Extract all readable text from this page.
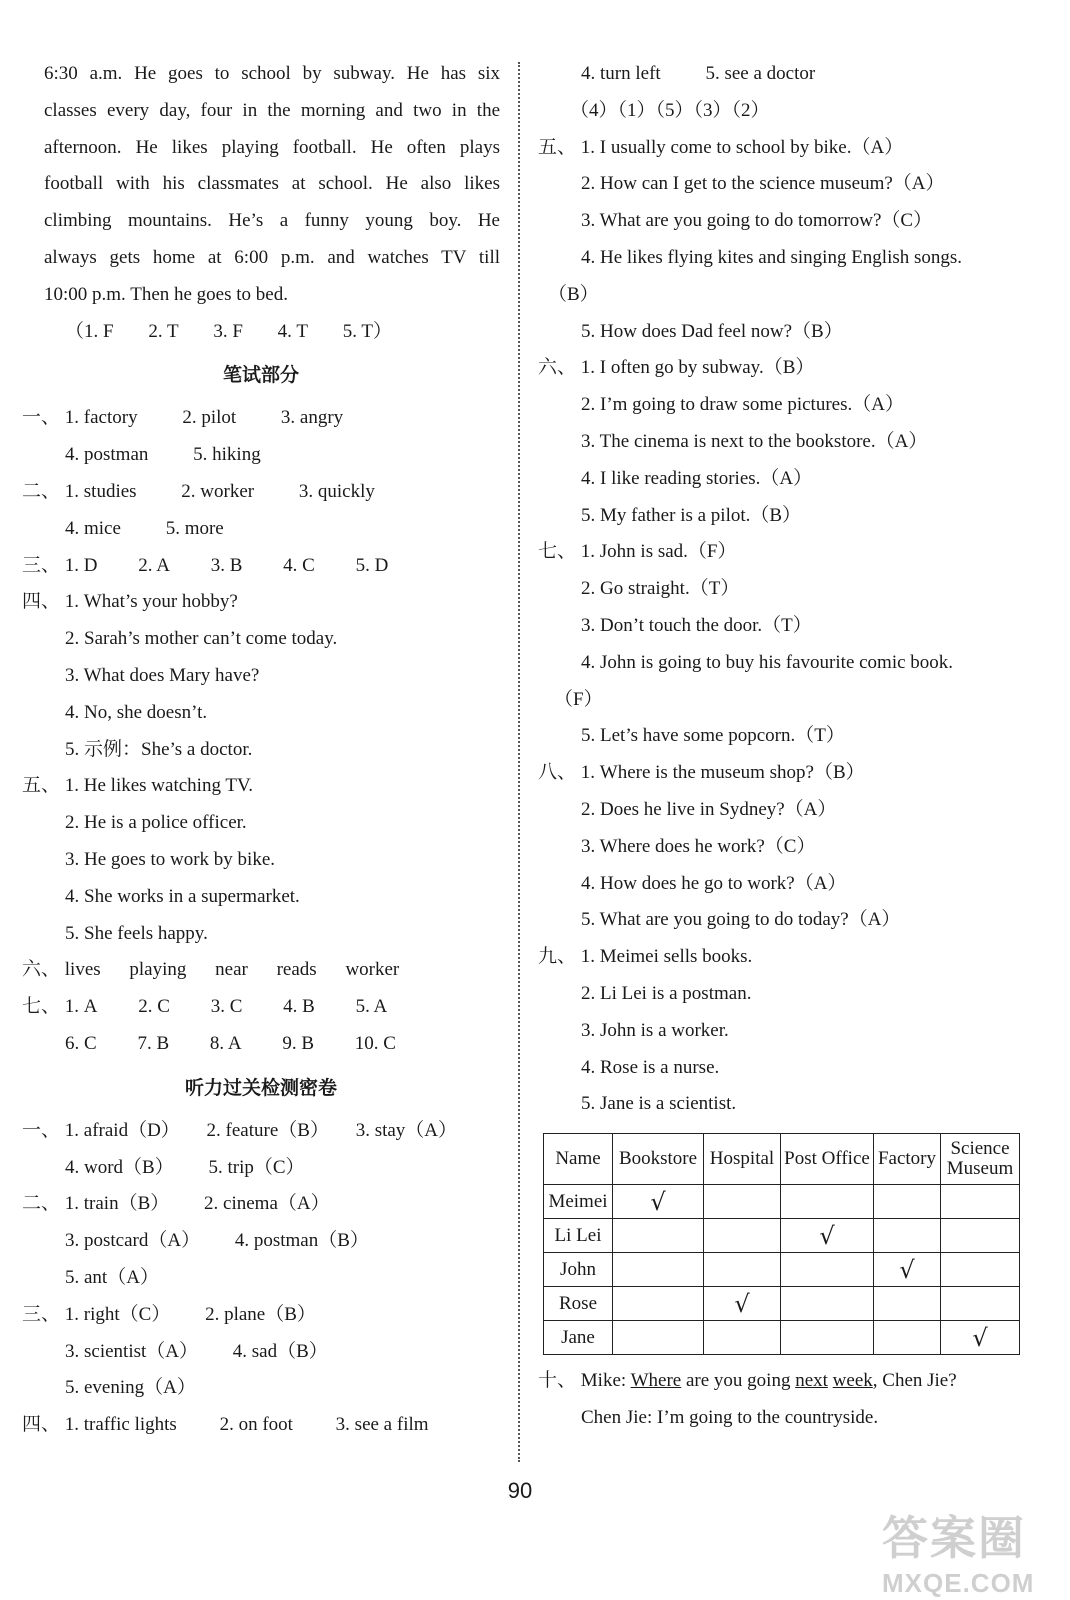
6:30 a.m. He goes to school by subway. He has six
classes every day, four in the morning and two in the
afternoon. He likes playing football. He often plays
football with his classmates at school. He also likes
climbing mountains. He’s a funny young boy. He
always gets home at 6:00 p.m. and watches TV till
10:00 p.m. Then he goes to bed.
（1. F 2. T 3. F 4. T 5. T）
笔试部分
一、 1. factory 2. pilot 3. angry
4. postman 5. hiking
二、 1. studies 2. worker 3. quickly
4. mice 5. more
三、 1. D 2. A 3. B 4. C 5. D
四、 1. What’s your hobby?
2. Sarah’s mother can’t come today.
3. What does Mary have?
4. No, she doesn’t.
5. 示例：She’s a doctor.
五、 1. He likes watching TV.
2. He is a police officer.
3. He goes to work by bike.
4. She works in a supermarket.
5. She feels happy.
六、 lives playing near reads worker
七、 1. A 2. C 3. C 4. B 5. A
6. C 7. B 8. A 9. B 10. C
听力过关检测密卷
一、 1. afraid（D） 2. feature（B） 3. stay（A）
4. word（B） 5. trip（C）
二、 1. train（B） 2. cinema（A）
3. postcard（A） 4. postman（B）
5. ant（A）
三、 1. right（C） 2. plane（B）
3. scientist（A） 4. sad（B）
5. evening（A）
四、 1. traffic lights 2. on foot 3. see a film
4. turn left 5. see a doctor
（4）（1）（5）（3）（2）
五、 1. I usually come to school by bike.（A）
2. How can I get to the science museum?（A）
3. What are you going to do tomorrow?（C）
4. He likes flying kites and singing English songs.
（B）
5. How does Dad feel now?（B）
六、 1. I often go by subway.（B）
2. I’m going to draw some pictures.（A）
3. The cinema is next to the bookstore.（A）
4. I like reading stories.（A）
5. My father is a pilot.（B）
七、 1. John is sad.（F）
2. Go straight.（T）
3. Don’t touch the door.（T）
4. John is going to buy his favourite comic book.
（F）
5. Let’s have some popcorn.（T）
八、 1. Where is the museum shop?（B）
2. Does he live in Sydney?（A）
3. Where does he work?（C）
4. How does he go to work?（A）
5. What are you going to do today?（A）
九、 1. Meimei sells books.
2. Li Lei is a postman.
3. John is a worker.
4. Rose is a nurse.
5. Jane is a scientist.
Name	Bookstore	Hospital	Post Office	Factory	Science
Museum
Meimei	√				
Li Lei			√		
John				√	
Rose		√			
Jane					√
十、 Mike: Where are you going next week, Chen Jie?
Chen Jie: I’m going to the countryside.
90
答案圈
MXQE.COM
